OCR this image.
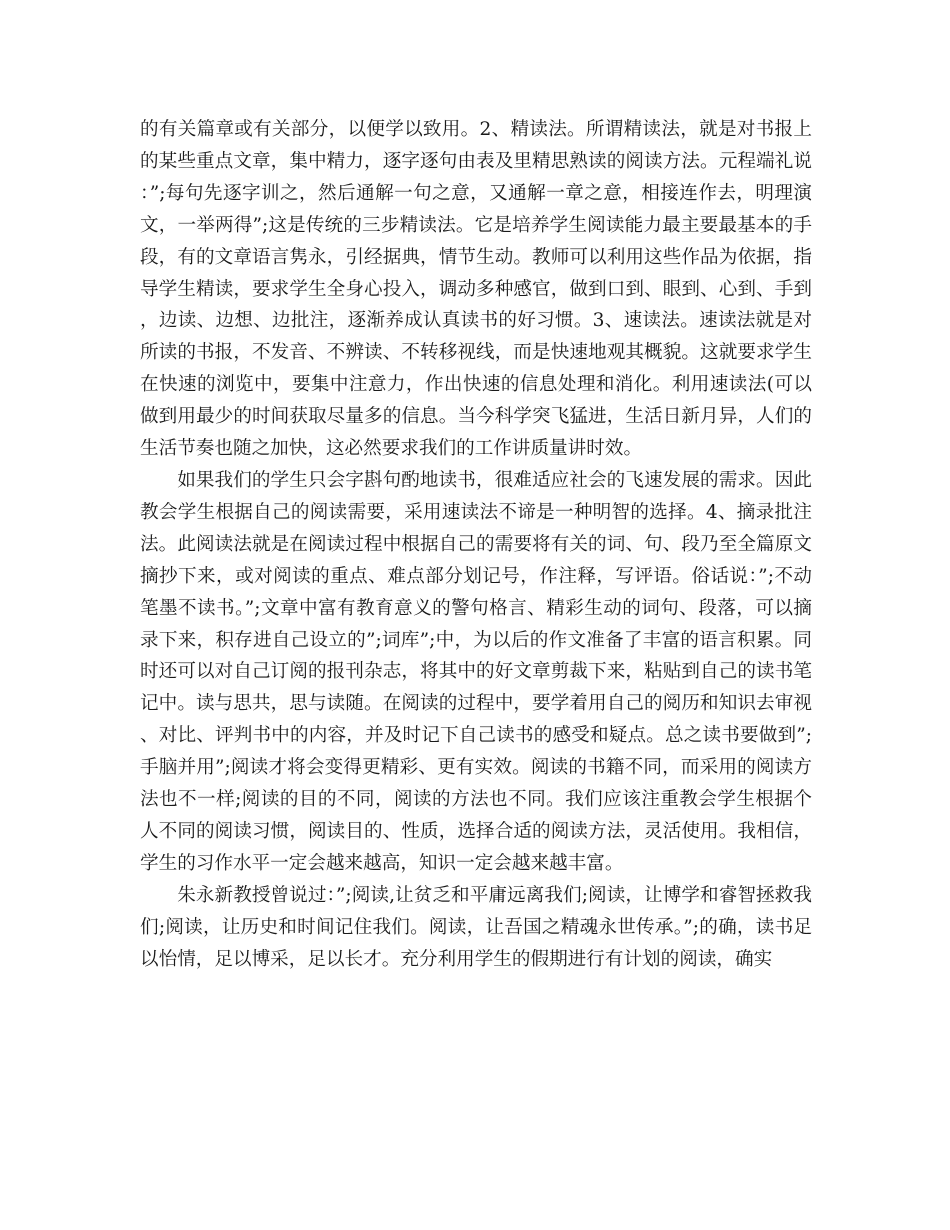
的有关篇章或有关部分，以便学以致用。2、精读法。所谓精读法，就是对书报上的某些重点文章，集中精力，逐字逐句由表及里精思熟读的阅读方法。元程端礼说：”;每句先逐字训之，然后通解一句之意，又通解一章之意，相接连作去，明理演文，一举两得”;这是传统的三步精读法。它是培养学生阅读能力最主要最基本的手段，有的文章语言隽永，引经据典，情节生动。教师可以利用这些作品为依据，指导学生精读，要求学生全身心投入，调动多种感官，做到口到、眼到、心到、手到，边读、边想、边批注，逐渐养成认真读书的好习惯。3、速读法。速读法就是对所读的书报，不发音、不辨读、不转移视线，而是快速地观其概貌。这就要求学生在快速的浏览中，要集中注意力，作出快速的信息处理和消化。利用速读法(可以做到用最少的时间获取尽量多的信息。当今科学突飞猛进，生活日新月异，人们的生活节奏也随之加快，这必然要求我们的工作讲质量讲时效。

如果我们的学生只会字斟句酌地读书，很难适应社会的飞速发展的需求。因此教会学生根据自己的阅读需要，采用速读法不谛是一种明智的选择。4、摘录批注法。此阅读法就是在阅读过程中根据自己的需要将有关的词、句、段乃至全篇原文摘抄下来，或对阅读的重点、难点部分划记号，作注释，写评语。俗话说：”;不动笔墨不读书。”;文章中富有教育意义的警句格言、精彩生动的词句、段落，可以摘录下来，积存进自己设立的”;词库”;中，为以后的作文准备了丰富的语言积累。同时还可以对自己订阅的报刊杂志，将其中的好文章剪裁下来，粘贴到自己的读书笔记中。读与思共，思与读随。在阅读的过程中，要学着用自己的阅历和知识去审视、对比、评判书中的内容，并及时记下自己读书的感受和疑点。总之读书要做到”;手脑并用”;阅读才将会变得更精彩、更有实效。阅读的书籍不同，而采用的阅读方法也不一样;阅读的目的不同，阅读的方法也不同。我们应该注重教会学生根据个人不同的阅读习惯，阅读目的、性质，选择合适的阅读方法，灵活使用。我相信，学生的习作水平一定会越来越高，知识一定会越来越丰富。

朱永新教授曾说过：”;阅读,让贫乏和平庸远离我们;阅读，让博学和睿智拯救我们;阅读，让历史和时间记住我们。阅读，让吾国之精魂永世传承。”;的确，读书足以怡情，足以博采，足以长才。充分利用学生的假期进行有计划的阅读，确实
